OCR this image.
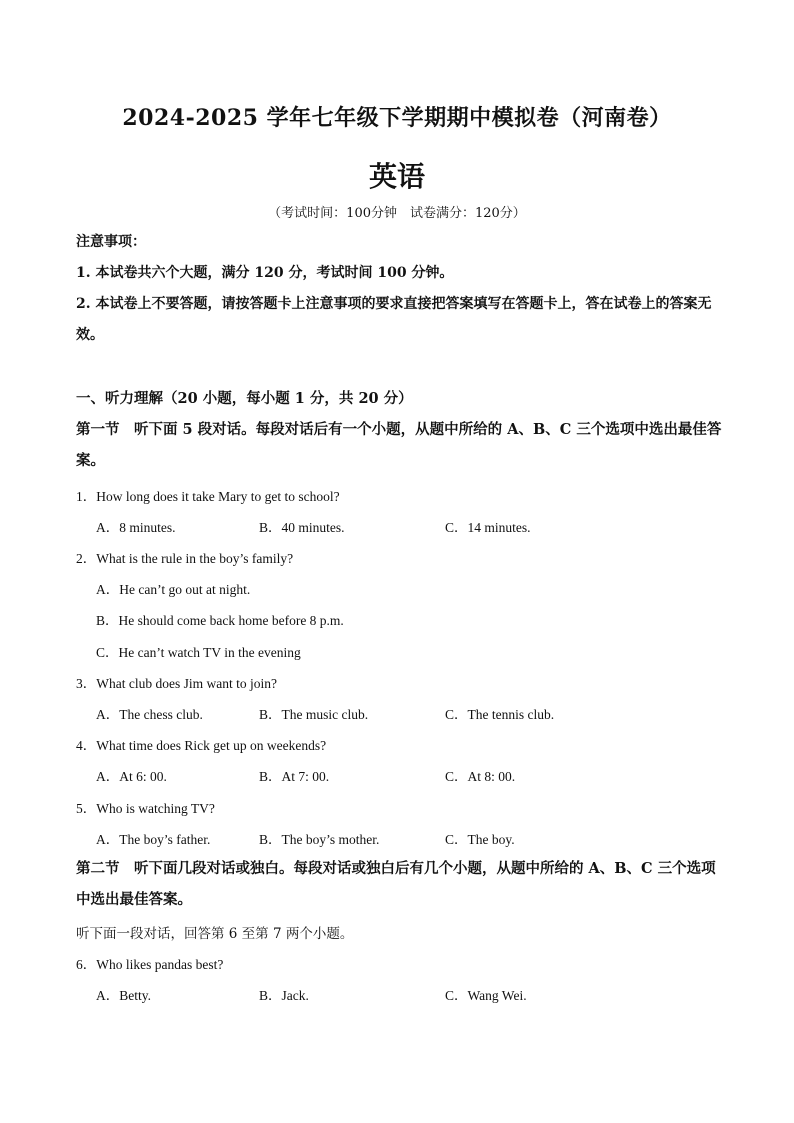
2024-2025 学年七年级下学期期中模拟卷（河南卷）
英语
（考试时间：100分钟　试卷满分：120分）
注意事项：
1. 本试卷共六个大题，满分 120 分，考试时间 100 分钟。
2. 本试卷上不要答题，请按答题卡上注意事项的要求直接把答案填写在答题卡上，答在试卷上的答案无效。
一、听力理解（20 小题，每小题 1 分，共 20 分）
第一节　听下面 5 段对话。每段对话后有一个小题，从题中所给的 A、B、C 三个选项中选出最佳答案。
1．How long does it take Mary to get to school?
A．8 minutes.	B．40 minutes.	C．14 minutes.
2．What is the rule in the boy’s family?
A．He can’t go out at night.
B．He should come back home before 8 p.m.
C．He can’t watch TV in the evening
3．What club does Jim want to join?
A．The chess club.	B．The music club.	C．The tennis club.
4．What time does Rick get up on weekends?
A．At 6: 00.	B．At 7: 00.	C．At 8: 00.
5．Who is watching TV?
A．The boy’s father.	B．The boy’s mother.	C．The boy.
第二节　听下面几段对话或独白。每段对话或独白后有几个小题，从题中所给的 A、B、C 三个选项中选出最佳答案。
听下面一段对话，回答第 6 至第 7 两个小题。
6．Who likes pandas best?
A．Betty.	B．Jack.	C．Wang Wei.
